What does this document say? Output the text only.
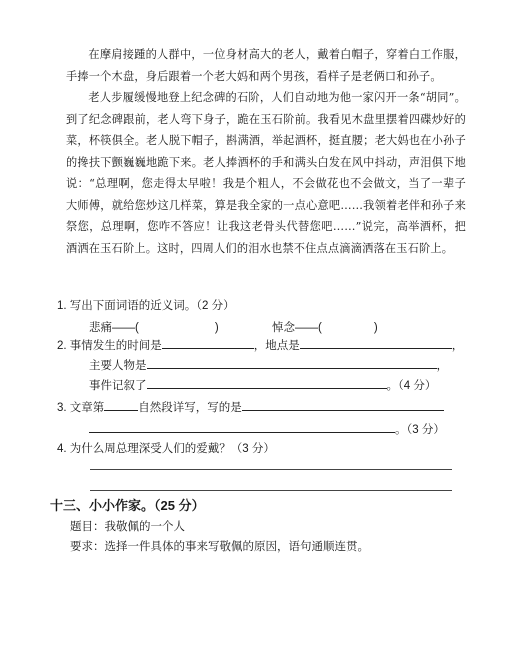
在摩肩接踵的人群中，一位身材高大的老人，戴着白帽子，穿着白工作服，手捧一个木盘，身后跟着一个老大妈和两个男孩，看样子是老俩口和孙子。

老人步履缓慢地登上纪念碑的石阶，人们自动地为他一家闪开一条“胡同”。到了纪念碑跟前，老人弯下身子，跪在玉石阶前。我看见木盘里摆着四碟炒好的菜，杯筷俱全。老人脱下帽子，斟满酒，举起酒杯，挺直腰；老大妈也在小孙子的搀扶下颤巍巍地跪下来。老人捧酒杯的手和满头白发在风中抖动，声泪俱下地说：“总理啊，您走得太早啦！我是个粗人，不会做花也不会做文，当了一辈子大师傅，就给您炒这几样菜，算是我全家的一点心意吧……我领着老伴和孙子来祭您，总理啊，您咋不答应！让我这老骨头代替您吧……”说完，高举酒杯，把酒洒在玉石阶上。这时，四周人们的泪水也禁不住点点滴滴洒落在玉石阶上。

1. 写出下面词语的近义词。（2 分）
悲痛——(	)	悼念——(	)
2. 事情发生的时间是	，地点是	，
主要人物是	，
事件记叙了	。（4 分）
3. 文章第	自然段详写，写的是
。（3 分）
4. 为什么周总理深受人们的爱戴？（3 分）
十三、小小作家。（25 分）
题目：我敬佩的一个人
要求：选择一件具体的事来写敬佩的原因，语句通顺连贯。
